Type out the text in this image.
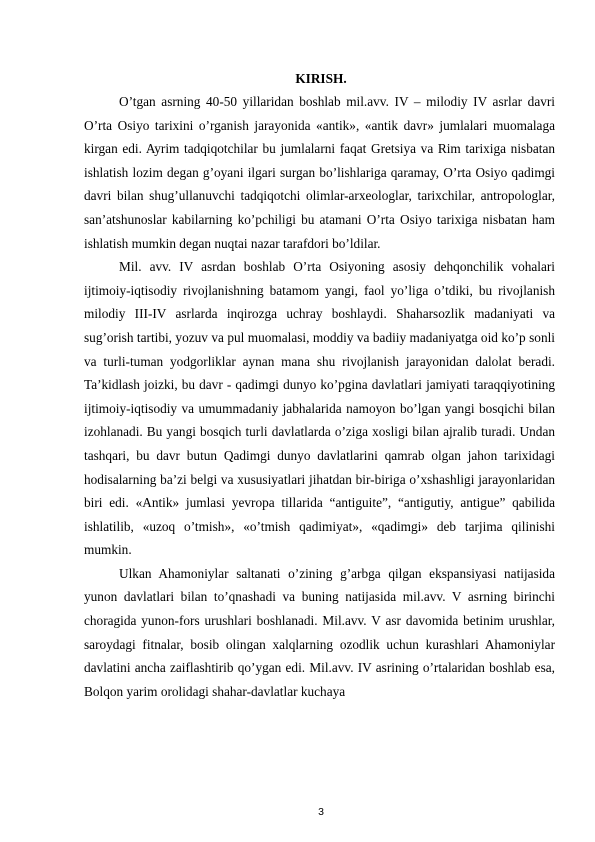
KIRISH.

O’tgan asrning 40-50 yillaridan boshlab mil.avv. IV – milodiy IV asrlar davri O’rta Osiyo tarixini o’rganish jarayonida «antik», «antik davr» jumlalari muomalaga kirgan edi. Ayrim tadqiqotchilar bu jumlalarni faqat Gretsiya va Rim tarixiga nisbatan ishlatish lozim degan g’oyani ilgari surgan bo’lishlariga qaramay, O’rta Osiyo qadimgi davri bilan shug’ullanuvchi tadqiqotchi olimlar-arxeologlar, tarixchilar, antropologlar, san’atshunoslar kabilarning ko’pchiligi bu atamani O’rta Osiyo tarixiga nisbatan ham ishlatish mumkin degan nuqtai nazar tarafdori bo’ldilar.

Mil. avv. IV asrdan boshlab O’rta Osiyoning asosiy dehqonchilik vohalari ijtimoiy-iqtisodiy rivojlanishning batamom yangi, faol yo’liga o’tdiki, bu rivojlanish milodiy III-IV asrlarda inqirozga uchray boshlaydi. Shaharsozlik madaniyati va sug’orish tartibi, yozuv va pul muomalasi, moddiy va badiiy madaniyatga oid ko’p sonli va turli-tuman yodgorliklar aynan mana shu rivojlanish jarayonidan dalolat beradi. Ta’kidlash joizki, bu davr - qadimgi dunyo ko’pgina davlatlari jamiyati taraqqiyotining ijtimoiy-iqtisodiy va umummadaniy jabhalarida namoyon bo’lgan yangi bosqichi bilan izohlanadi. Bu yangi bosqich turli davlatlarda o’ziga xosligi bilan ajralib turadi. Undan tashqari, bu davr butun Qadimgi dunyo davlatlarini qamrab olgan jahon tarixidagi hodisalarning ba’zi belgi va xususiyatlari jihatdan bir-biriga o’xshashligi jarayonlaridan biri edi. «Antik» jumlasi yevropa tillarida “antiguite”, “antigutiy, antigue” qabilida ishlatilib, «uzoq o’tmish», «o’tmish qadimiyat», «qadimgi» deb tarjima qilinishi mumkin.

Ulkan Ahamoniylar saltanati o’zining g’arbga qilgan ekspansiyasi natijasida yunon davlatlari bilan to’qnashadi va buning natijasida mil.avv. V asrning birinchi choragida yunon-fors urushlari boshlanadi. Mil.avv. V asr davomida betinim urushlar, saroydagi fitnalar, bosib olingan xalqlarning ozodlik uchun kurashlari Ahamoniylar davlatini ancha zaiflashtirib qo’ygan edi. Mil.avv. IV asrining o’rtalaridan boshlab esa, Bolqon yarim orolidagi shahar-davlatlar kuchaya

3
